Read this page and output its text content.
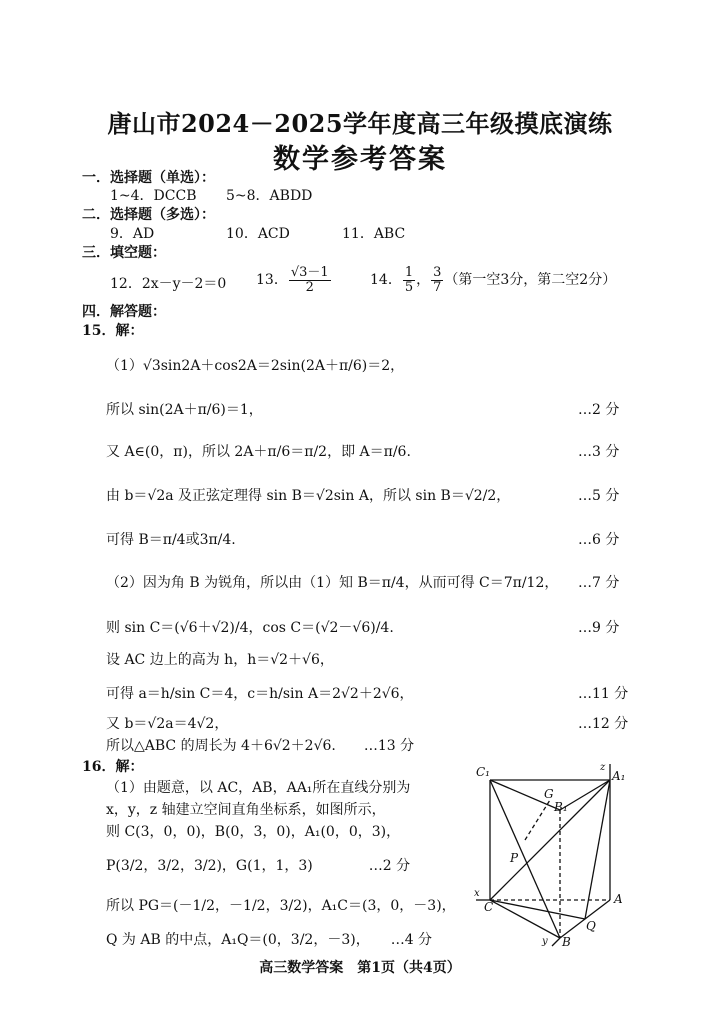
唐山市2024－2025学年度高三年级摸底演练
数学参考答案
一．选择题（单选）：
1~4．DCCB 5~8．ABDD
二．选择题（多选）：
9．AD	10．ACD	11．ABC
三．填空题：
12．2x－y－2＝0 13． $\frac{√3-1}{2}$	14． $\frac{1}{5}$ ， $\frac{3}{7}$ （第一空3分，第二空2分）
四．解答题：
15．解：
（1）√3sin2A＋cos2A＝2sin(2A＋π/6)＝2，
所以 sin(2A＋π/6)＝1，	…2 分
又 A∈(0，π)，所以 2A＋π/6＝π/2，即 A＝π/6.	…3 分
由 b＝√2a 及正弦定理得 sin B＝√2sin A，所以 sin B＝√2/2，	…5 分
可得 B＝π/4或3π/4.	…6 分
（2）因为角 B 为锐角，所以由（1）知 B＝π/4，从而可得 C＝7π/12， …7 分
则 sin C＝(√6＋√2)/4，cos C＝(√2－√6)/4.	…9 分
设 AC 边上的高为 h，h＝√2＋√6，
可得 a＝h/sin C＝4，c＝h/sin A＝2√2＋2√6，	…11 分
又 b＝√2a＝4√2，	…12 分
所以△ABC 的周长为 4＋6√2＋2√6.　　 …13 分
16．解：
（1）由题意，以 AC，AB，AA₁所在直线分别为
x，y，z 轴建立空间直角坐标系，如图所示，
则 C(3，0，0)，B(0，3，0)，A₁(0，0，3)，
P(3/2，3/2，3/2)，G(1，1，3)　　　　	…2 分
所以 PG＝(－1/2，－1/2，3/2)，A₁C＝(3，0，－3)，
Q 为 AB 的中点，A₁Q＝(0，3/2，－3)，　　 …4 分
C₁	A₁
G
B₁
P
C
A
Q
B
x
y
z
高三数学答案　第1页（共4页）
